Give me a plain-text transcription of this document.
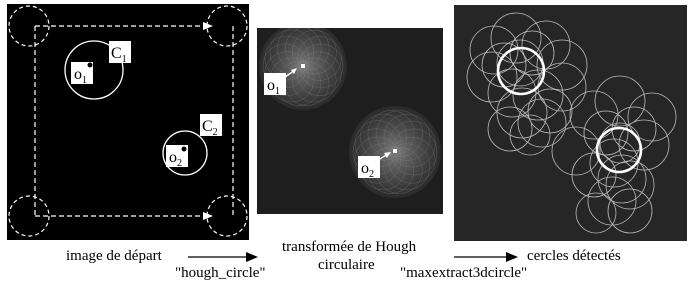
$C_1$
$o_1$
$C_2$
$o_2$
$o_1$
$o_2$
image de départ
"hough_circle"
transformée de Hough
circulaire "maxextract3dcircle"
cercles détectés
